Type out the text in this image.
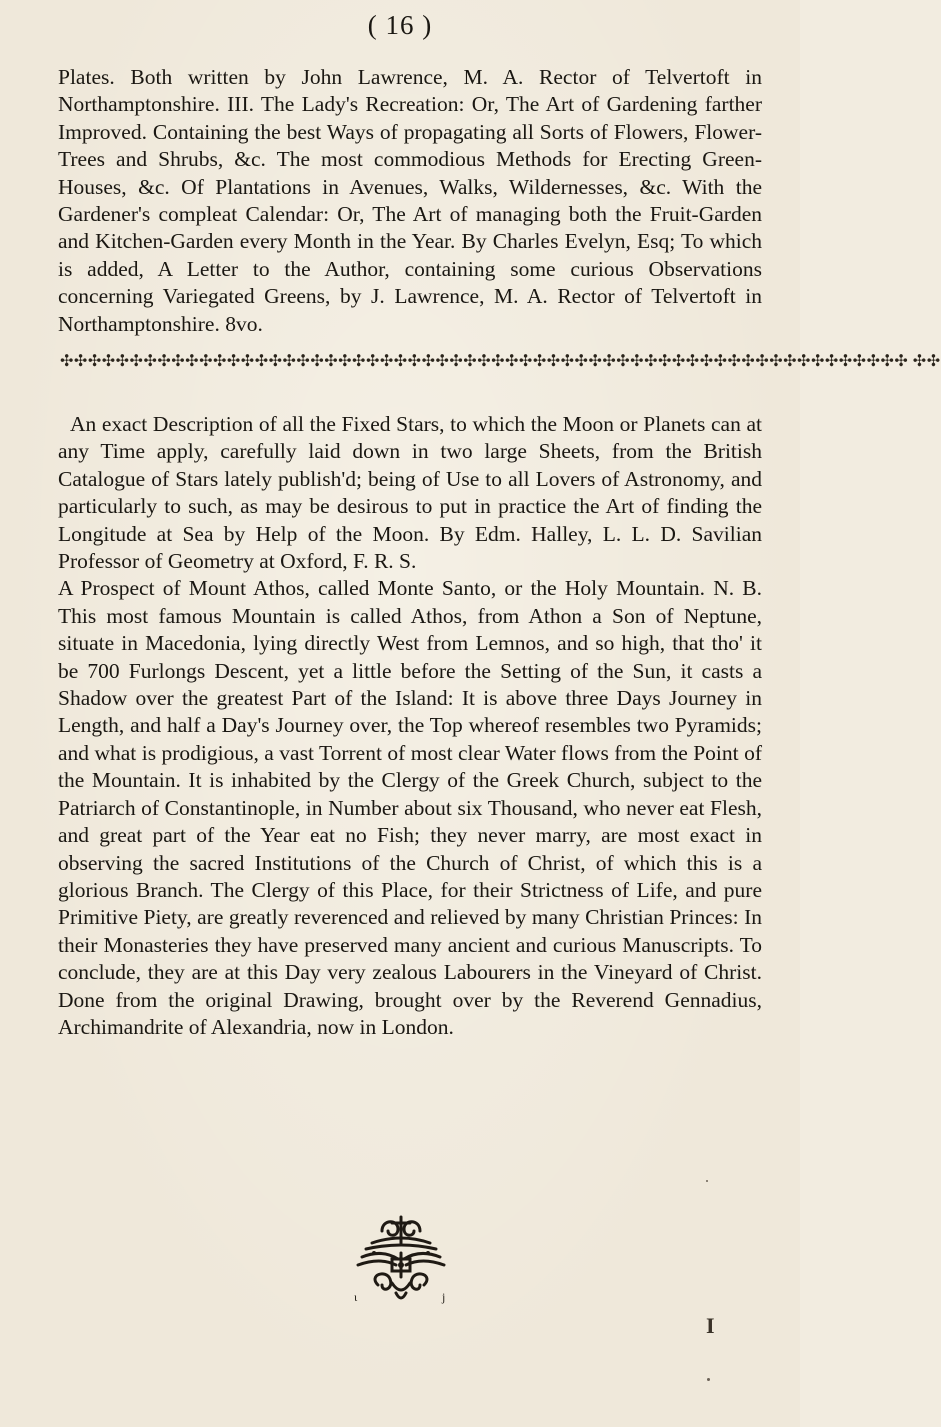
( 16 )

Plates. Both written by John Lawrence, M. A. Rector of Telvertoft in Northamptonshire. III. The Lady's Recreation: Or, The Art of Gardening farther Improved. Containing the best Ways of propagating all Sorts of Flowers, Flower-Trees and Shrubs, &c. The most commodious Methods for Erecting Green-Houses, &c. Of Plantations in Avenues, Walks, Wildernesses, &c. With the Gardener's compleat Calendar: Or, The Art of managing both the Fruit-Garden and Kitchen-Garden every Month in the Year. By Charles Evelyn, Esq; To which is added, A Letter to the Author, containing some curious Observations concerning Variegated Greens, by J. Lawrence, M. A. Rector of Telvertoft in Northamptonshire. 8vo.

✣✣✣✣✣✣✣✣✣✣✣✣✣✣✣✣✣✣✣✣✣✣✣✣✣✣✣✣✣✣✣✣✣✣✣✣✣✣✣✣✣✣✣✣✣✣✣✣✣✣✣✣✣✣✣✣✣✣✣✣✣ ✣✣

An exact Description of all the Fixed Stars, to which the Moon or Planets can at any Time apply, carefully laid down in two large Sheets, from the British Catalogue of Stars lately publish'd; being of Use to all Lovers of Astronomy, and particularly to such, as may be desirous to put in practice the Art of finding the Longitude at Sea by Help of the Moon. By Edm. Halley, L. L. D. Savilian Professor of Geometry at Oxford, F. R. S.

A Prospect of Mount Athos, called Monte Santo, or the Holy Mountain. N. B. This most famous Mountain is called Athos, from Athon a Son of Neptune, situate in Macedonia, lying directly West from Lemnos, and so high, that tho' it be 700 Furlongs Descent, yet a little before the Setting of the Sun, it casts a Shadow over the greatest Part of the Island: It is above three Days Journey in Length, and half a Day's Journey over, the Top whereof resembles two Pyramids; and what is prodigious, a vast Torrent of most clear Water flows from the Point of the Mountain. It is inhabited by the Clergy of the Greek Church, subject to the Patriarch of Constantinople, in Number about six Thousand, who never eat Flesh, and great part of the Year eat no Fish; they never marry, are most exact in observing the sacred Institutions of the Church of Christ, of which this is a glorious Branch. The Clergy of this Place, for their Strictness of Life, and pure Primitive Piety, are greatly reverenced and relieved by many Christian Princes: In their Monasteries they have preserved many ancient and curious Manuscripts. To conclude, they are at this Day very zealous Labourers in the Vineyard of Christ. Done from the original Drawing, brought over by the Reverend Gennadius, Archimandrite of Alexandria, now in London.

ι	j
I
